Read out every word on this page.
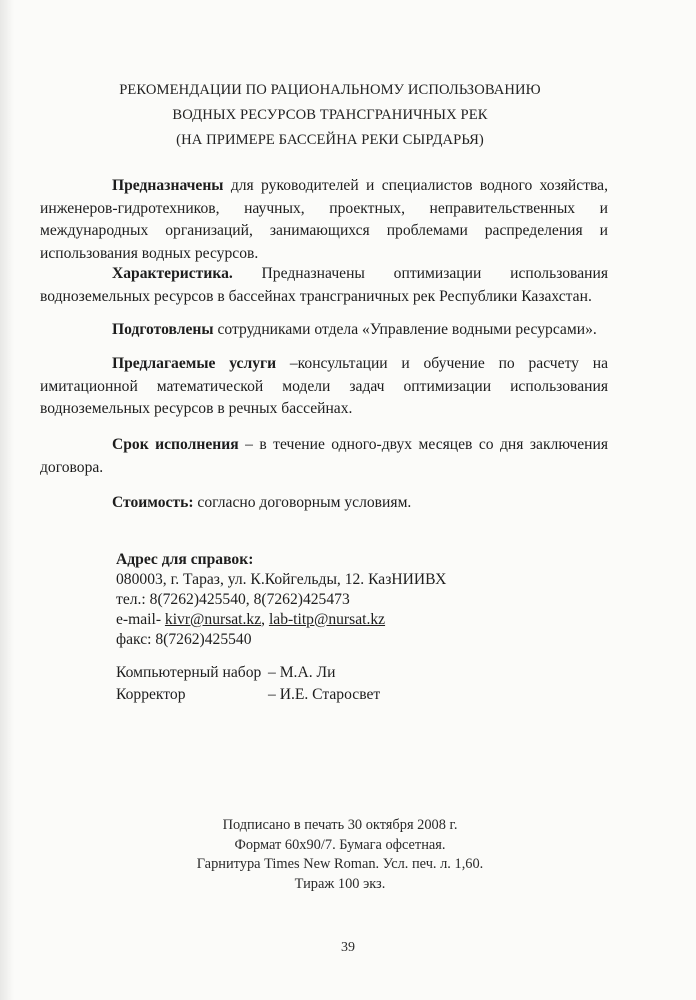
РЕКОМЕНДАЦИИ ПО РАЦИОНАЛЬНОМУ ИСПОЛЬЗОВАНИЮ
ВОДНЫХ РЕСУРСОВ ТРАНСГРАНИЧНЫХ РЕК
(НА ПРИМЕРЕ БАССЕЙНА РЕКИ СЫРДАРЬЯ)

Предназначены для руководителей и специалистов водного хозяйства, инженеров-гидротехников, научных, проектных, неправительственных и международных организаций, занимающихся проблемами распределения и использования водных ресурсов.

Характеристика. Предназначены оптимизации использования водноземельных ресурсов в бассейнах трансграничных рек Республики Казахстан.

Подготовлены сотрудниками отдела «Управление водными ресурсами».

Предлагаемые услуги –консультации и обучение по расчету на имитационной математической модели задач оптимизации использования водноземельных ресурсов в речных бассейнах.

Срок исполнения – в течение одного-двух месяцев со дня заключения договора.

Стоимость: согласно договорным условиям.

Адрес для справок:
080003, г. Тараз, ул. К.Койгельды, 12. КазНИИВХ
тел.: 8(7262)425540, 8(7262)425473
e-mail- kivr@nursat.kz, lab-titp@nursat.kz
факс: 8(7262)425540
Компьютерный набор – М.А. Ли
Корректор	– И.Е. Старосвет
Подписано в печать 30 октября 2008 г.
Формат 60х90/7. Бумага офсетная.
Гарнитура Times New Roman. Усл. печ. л. 1,60.
Тираж 100 экз.
39
